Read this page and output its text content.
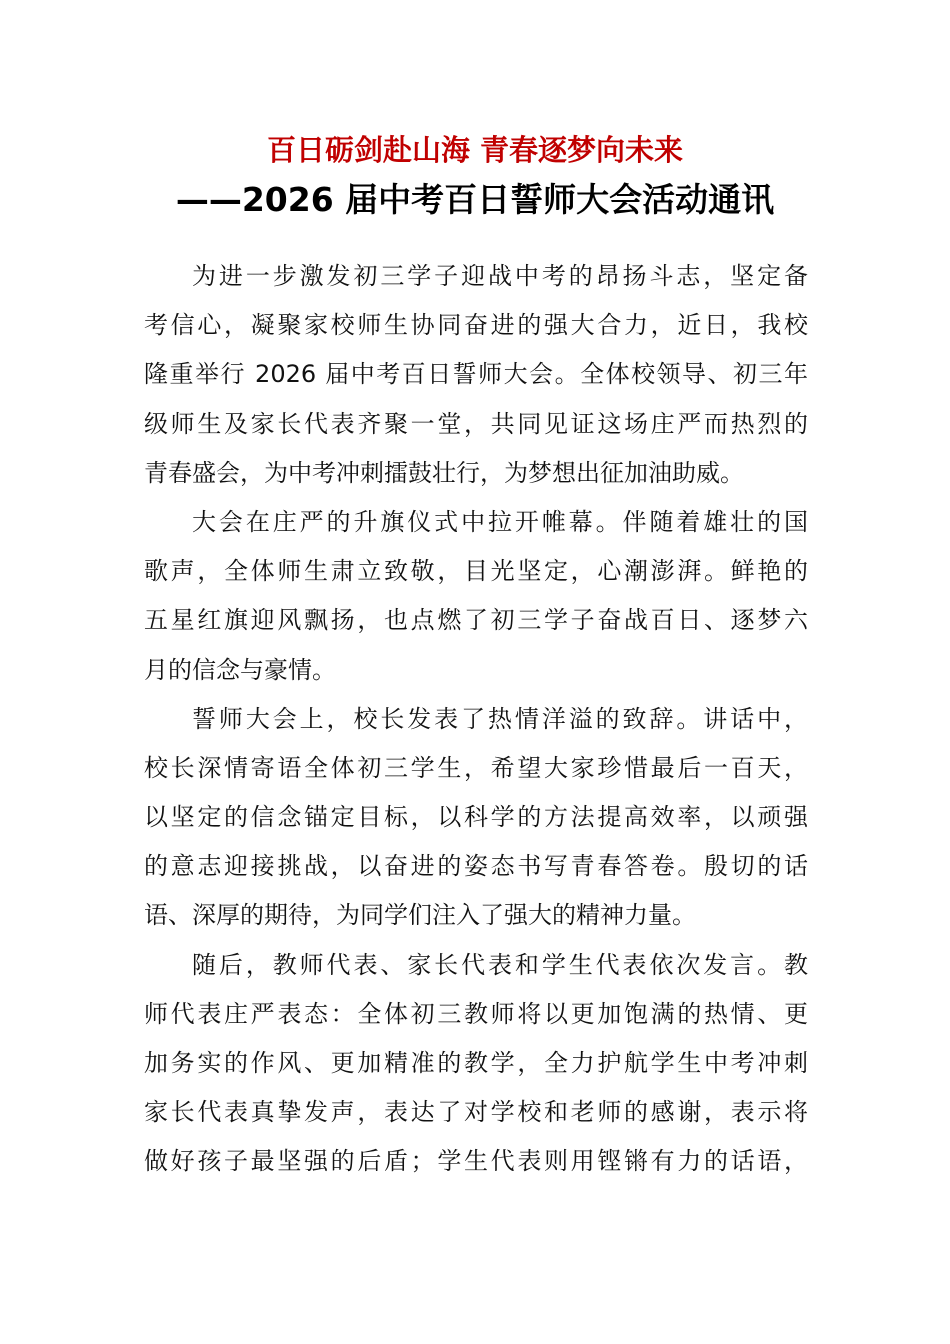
百日砺剑赴山海 青春逐梦向未来
——2026 届中考百日誓师大会活动通讯
为进一步激发初三学子迎战中考的昂扬斗志，坚定备
考信心，凝聚家校师生协同奋进的强大合力，近日，我校
隆重举行 2026 届中考百日誓师大会。全体校领导、初三年
级师生及家长代表齐聚一堂，共同见证这场庄严而热烈的
青春盛会，为中考冲刺擂鼓壮行，为梦想出征加油助威。
大会在庄严的升旗仪式中拉开帷幕。伴随着雄壮的国
歌声，全体师生肃立致敬，目光坚定，心潮澎湃。鲜艳的
五星红旗迎风飘扬，也点燃了初三学子奋战百日、逐梦六
月的信念与豪情。
誓师大会上，校长发表了热情洋溢的致辞。讲话中，
校长深情寄语全体初三学生，希望大家珍惜最后一百天，
以坚定的信念锚定目标，以科学的方法提高效率，以顽强
的意志迎接挑战，以奋进的姿态书写青春答卷。殷切的话
语、深厚的期待，为同学们注入了强大的精神力量。
随后，教师代表、家长代表和学生代表依次发言。教
师代表庄严表态：全体初三教师将以更加饱满的热情、更
加务实的作风、更加精准的教学，全力护航学生中考冲刺
家长代表真挚发声，表达了对学校和老师的感谢，表示将
做好孩子最坚强的后盾；学生代表则用铿锵有力的话语，
